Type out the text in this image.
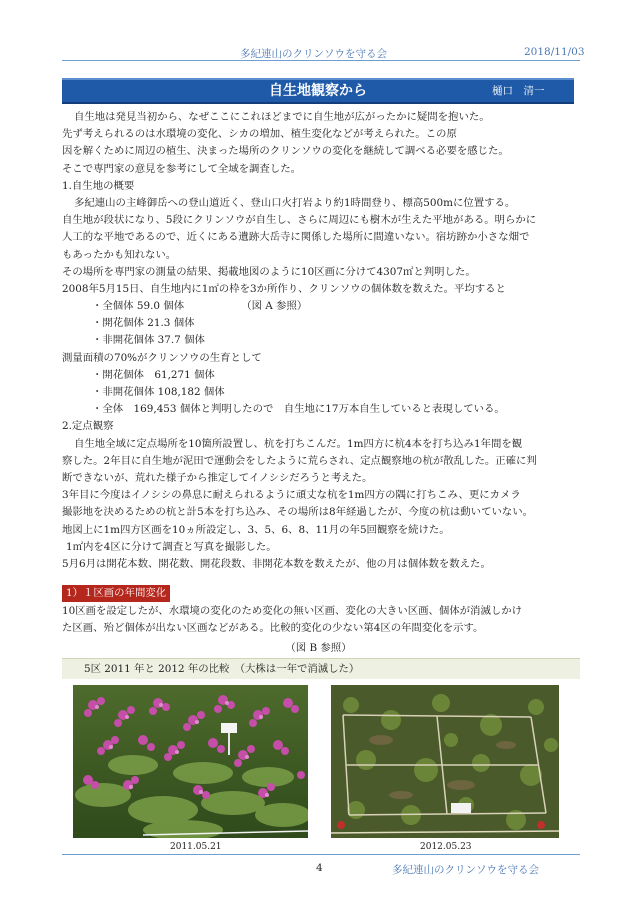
多紀連山のクリンソウを守る会	2018/11/03
自生地観察から	樋口　清一
自生地は発見当初から、なぜここにこれほどまでに自生地が広がったかに疑問を抱いた。
先ず考えられるのは水環境の変化、シカの増加、植生変化などが考えられた。この原
因を解くために周辺の植生、決まった場所のクリンソウの変化を継続して調べる必要を感じた。
そこで専門家の意見を参考にして全域を調査した。
1.自生地の概要
多紀連山の主峰御岳への登山道近く、登山口火打岩より約1時間登り、標高500mに位置する。
自生地が段状になり、5段にクリンソウが自生し、さらに周辺にも樹木が生えた平地がある。明らかに
人工的な平地であるので、近くにある遺跡大岳寺に関係した場所に間違いない。宿坊跡か小さな畑で
もあったかも知れない。
その場所を専門家の測量の結果、掲載地図のように10区画に分けて4307㎡と判明した。
2008年5月15日、自生地内に1㎡の枠を3か所作り、クリンソウの個体数を数えた。平均すると
・全個体 59.0 個体　　　　　　（図 A 参照）
・開花個体 21.3 個体
・非開花個体 37.7 個体
測量面積の70%がクリンソウの生育として
・開花個体　61,271 個体
・非開花個体 108,182 個体
・全体　169,453 個体と判明したので　自生地に17万本自生していると表現している。
2.定点観察
自生地全域に定点場所を10箇所設置し、杭を打ちこんだ。1m四方に杭4本を打ち込み1年間を観
察した。2年目に自生地が泥田で運動会をしたように荒らされ、定点観察地の杭が散乱した。正確に判
断できないが、荒れた様子から推定してイノシシだろうと考えた。
3年目に今度はイノシシの鼻息に耐えられるように頑丈な杭を1m四方の隅に打ちこみ、更にカメラ
撮影地を決めるための杭と計5本を打ち込み、その場所は8年経過したが、今度の杭は動いていない。
地図上に1m四方区画を10ヵ所設定し、3、5、6、8、11月の年5回観察を続けた。
1㎡内を4区に分けて調査と写真を撮影した。
5月6月は開花本数、開花数、開花段数、非開花本数を数えたが、他の月は個体数を数えた。
1）１区画の年間変化
10区画を設定したが、水環境の変化のため変化の無い区画、変化の大きい区画、個体が消滅しかけ
た区画、殆ど個体が出ない区画などがある。比較的変化の少ない第4区の年間変化を示す。
（図 B 参照）
5区 2011 年と 2012 年の比較　（大株は一年で消滅した）
2011.05.21	2012.05.23
4	多紀連山のクリンソウを守る会
